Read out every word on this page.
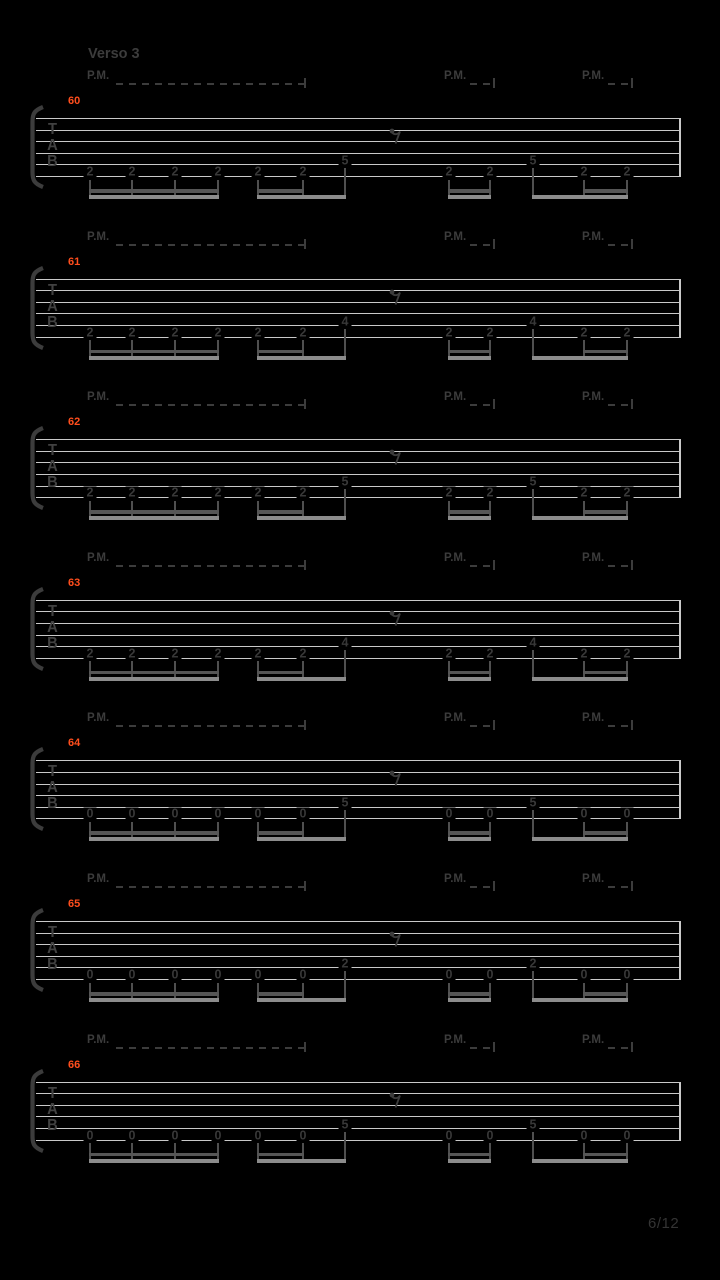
Verso 3
P.M.	P.M.	P.M.
60
T
A
B
2	2	2	2	2	2
5
2	2
5
2	2
P.M.	P.M.	P.M.
61
T
A
B
2	2	2	2	2	2
4
2	2
4
2	2
P.M.	P.M.	P.M.
62
T
A
B
2	2	2	2	2	2
5
2	2
5
2	2
P.M.	P.M.	P.M.
63
T
A
B
2	2	2	2	2	2
4
2	2
4
2	2
P.M.	P.M.	P.M.
64
T
A
B
0	0	0	0	0	0
5
0	0
5
0	0
P.M.	P.M.	P.M.
65
T
A
B
0	0	0	0	0	0
2
0	0
2
0	0
P.M.	P.M.	P.M.
66
T
A
B
0	0	0	0	0	0
5
0	0
5
0	0
6/12
